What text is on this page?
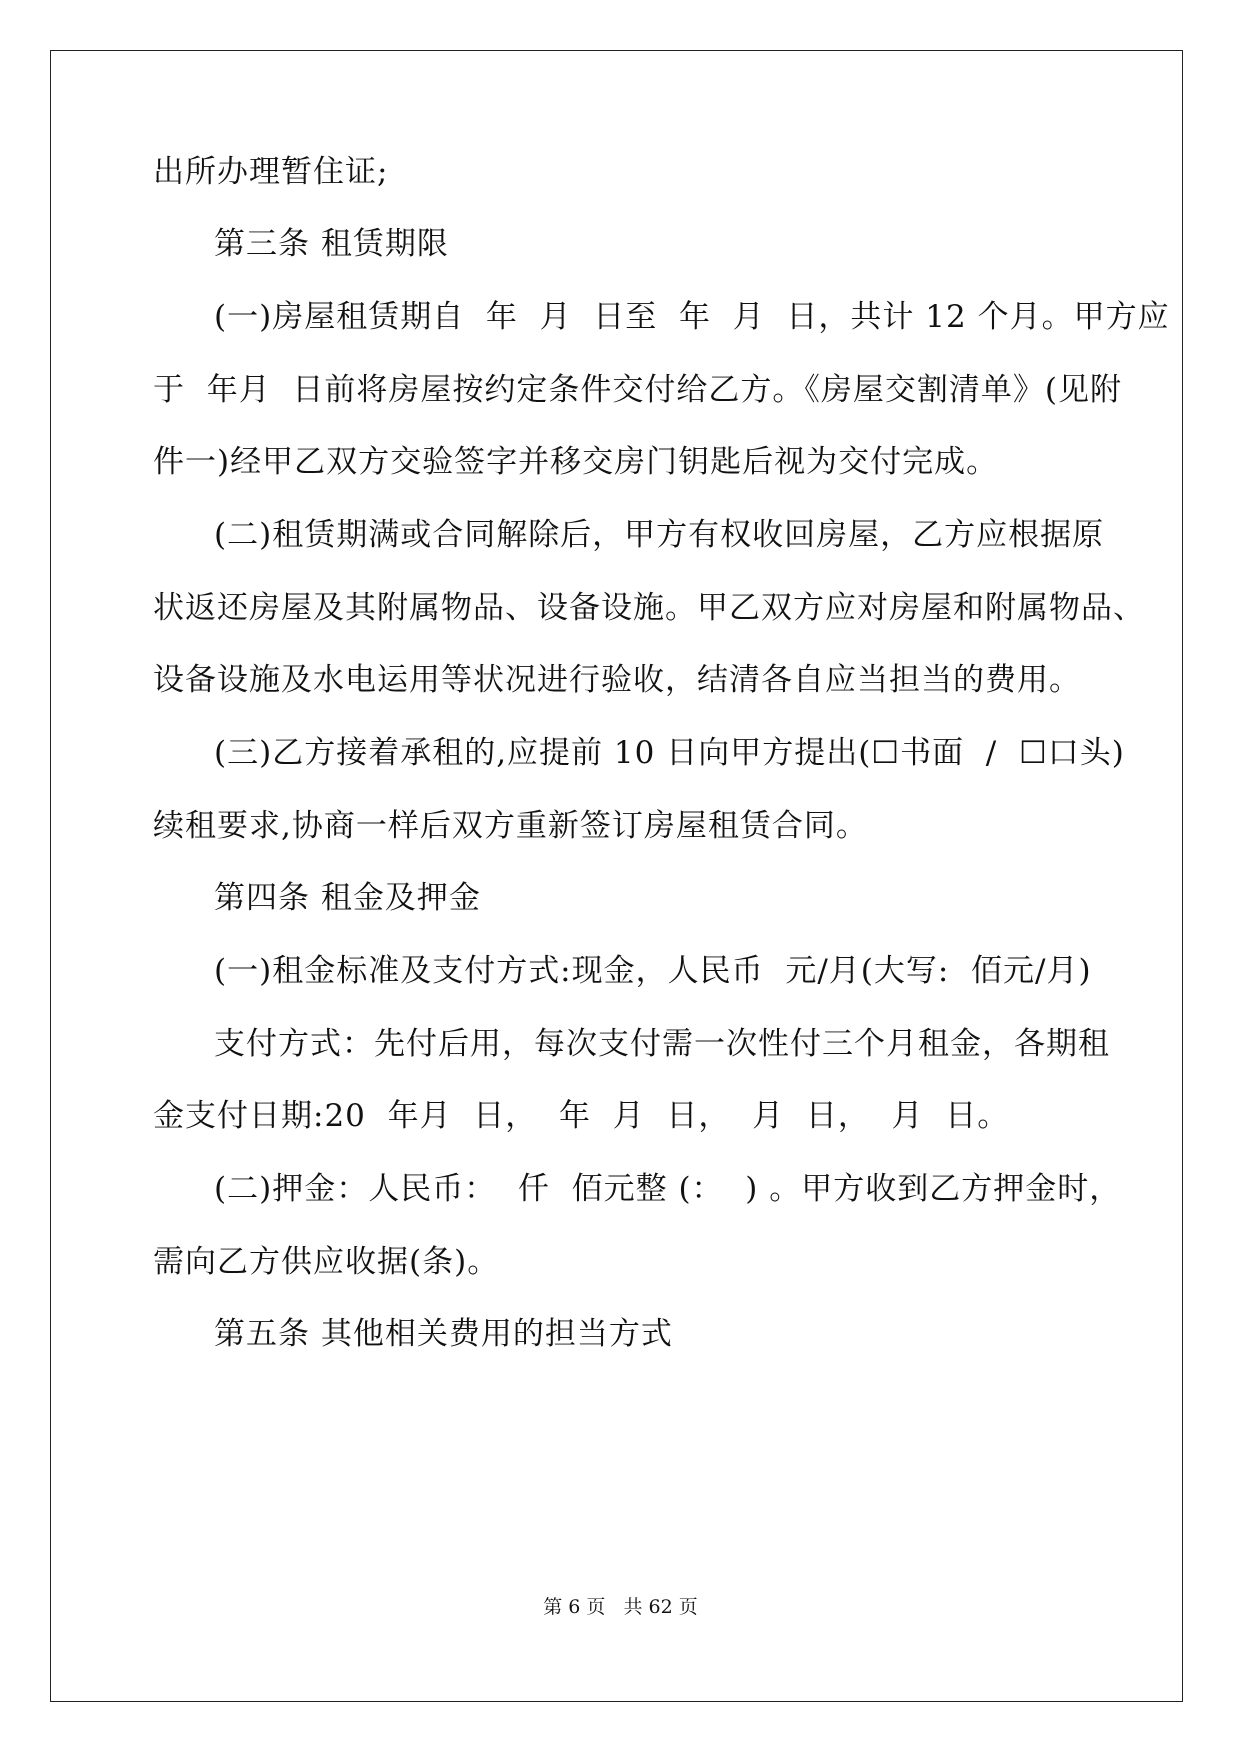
出所办理暂住证;
第三条 租赁期限
(一)房屋租赁期自  年  月  日至  年  月  日，共计 12 个月。甲方应
于  年月  日前将房屋按约定条件交付给乙方。《房屋交割清单》(见附
件一)经甲乙双方交验签字并移交房门钥匙后视为交付完成。
(二)租赁期满或合同解除后，甲方有权收回房屋，乙方应根据原
状返还房屋及其附属物品、设备设施。甲乙双方应对房屋和附属物品、
设备设施及水电运用等状况进行验收，结清各自应当担当的费用。
(三)乙方接着承租的,应提前 10 日向甲方提出(☐书面  /  ☐口头)
续租要求,协商一样后双方重新签订房屋租赁合同。
第四条 租金及押金
(一)租金标准及支付方式:现金，人民币  元/月(大写:  佰元/月)
支付方式：先付后用，每次支付需一次性付三个月租金，各期租
金支付日期:20  年月  日，  年  月  日，  月  日，  月  日。
(二)押金：人民币：  仟  佰元整 (：  ) 。甲方收到乙方押金时，
需向乙方供应收据(条)。
第五条 其他相关费用的担当方式
第 6 页   共 62 页
